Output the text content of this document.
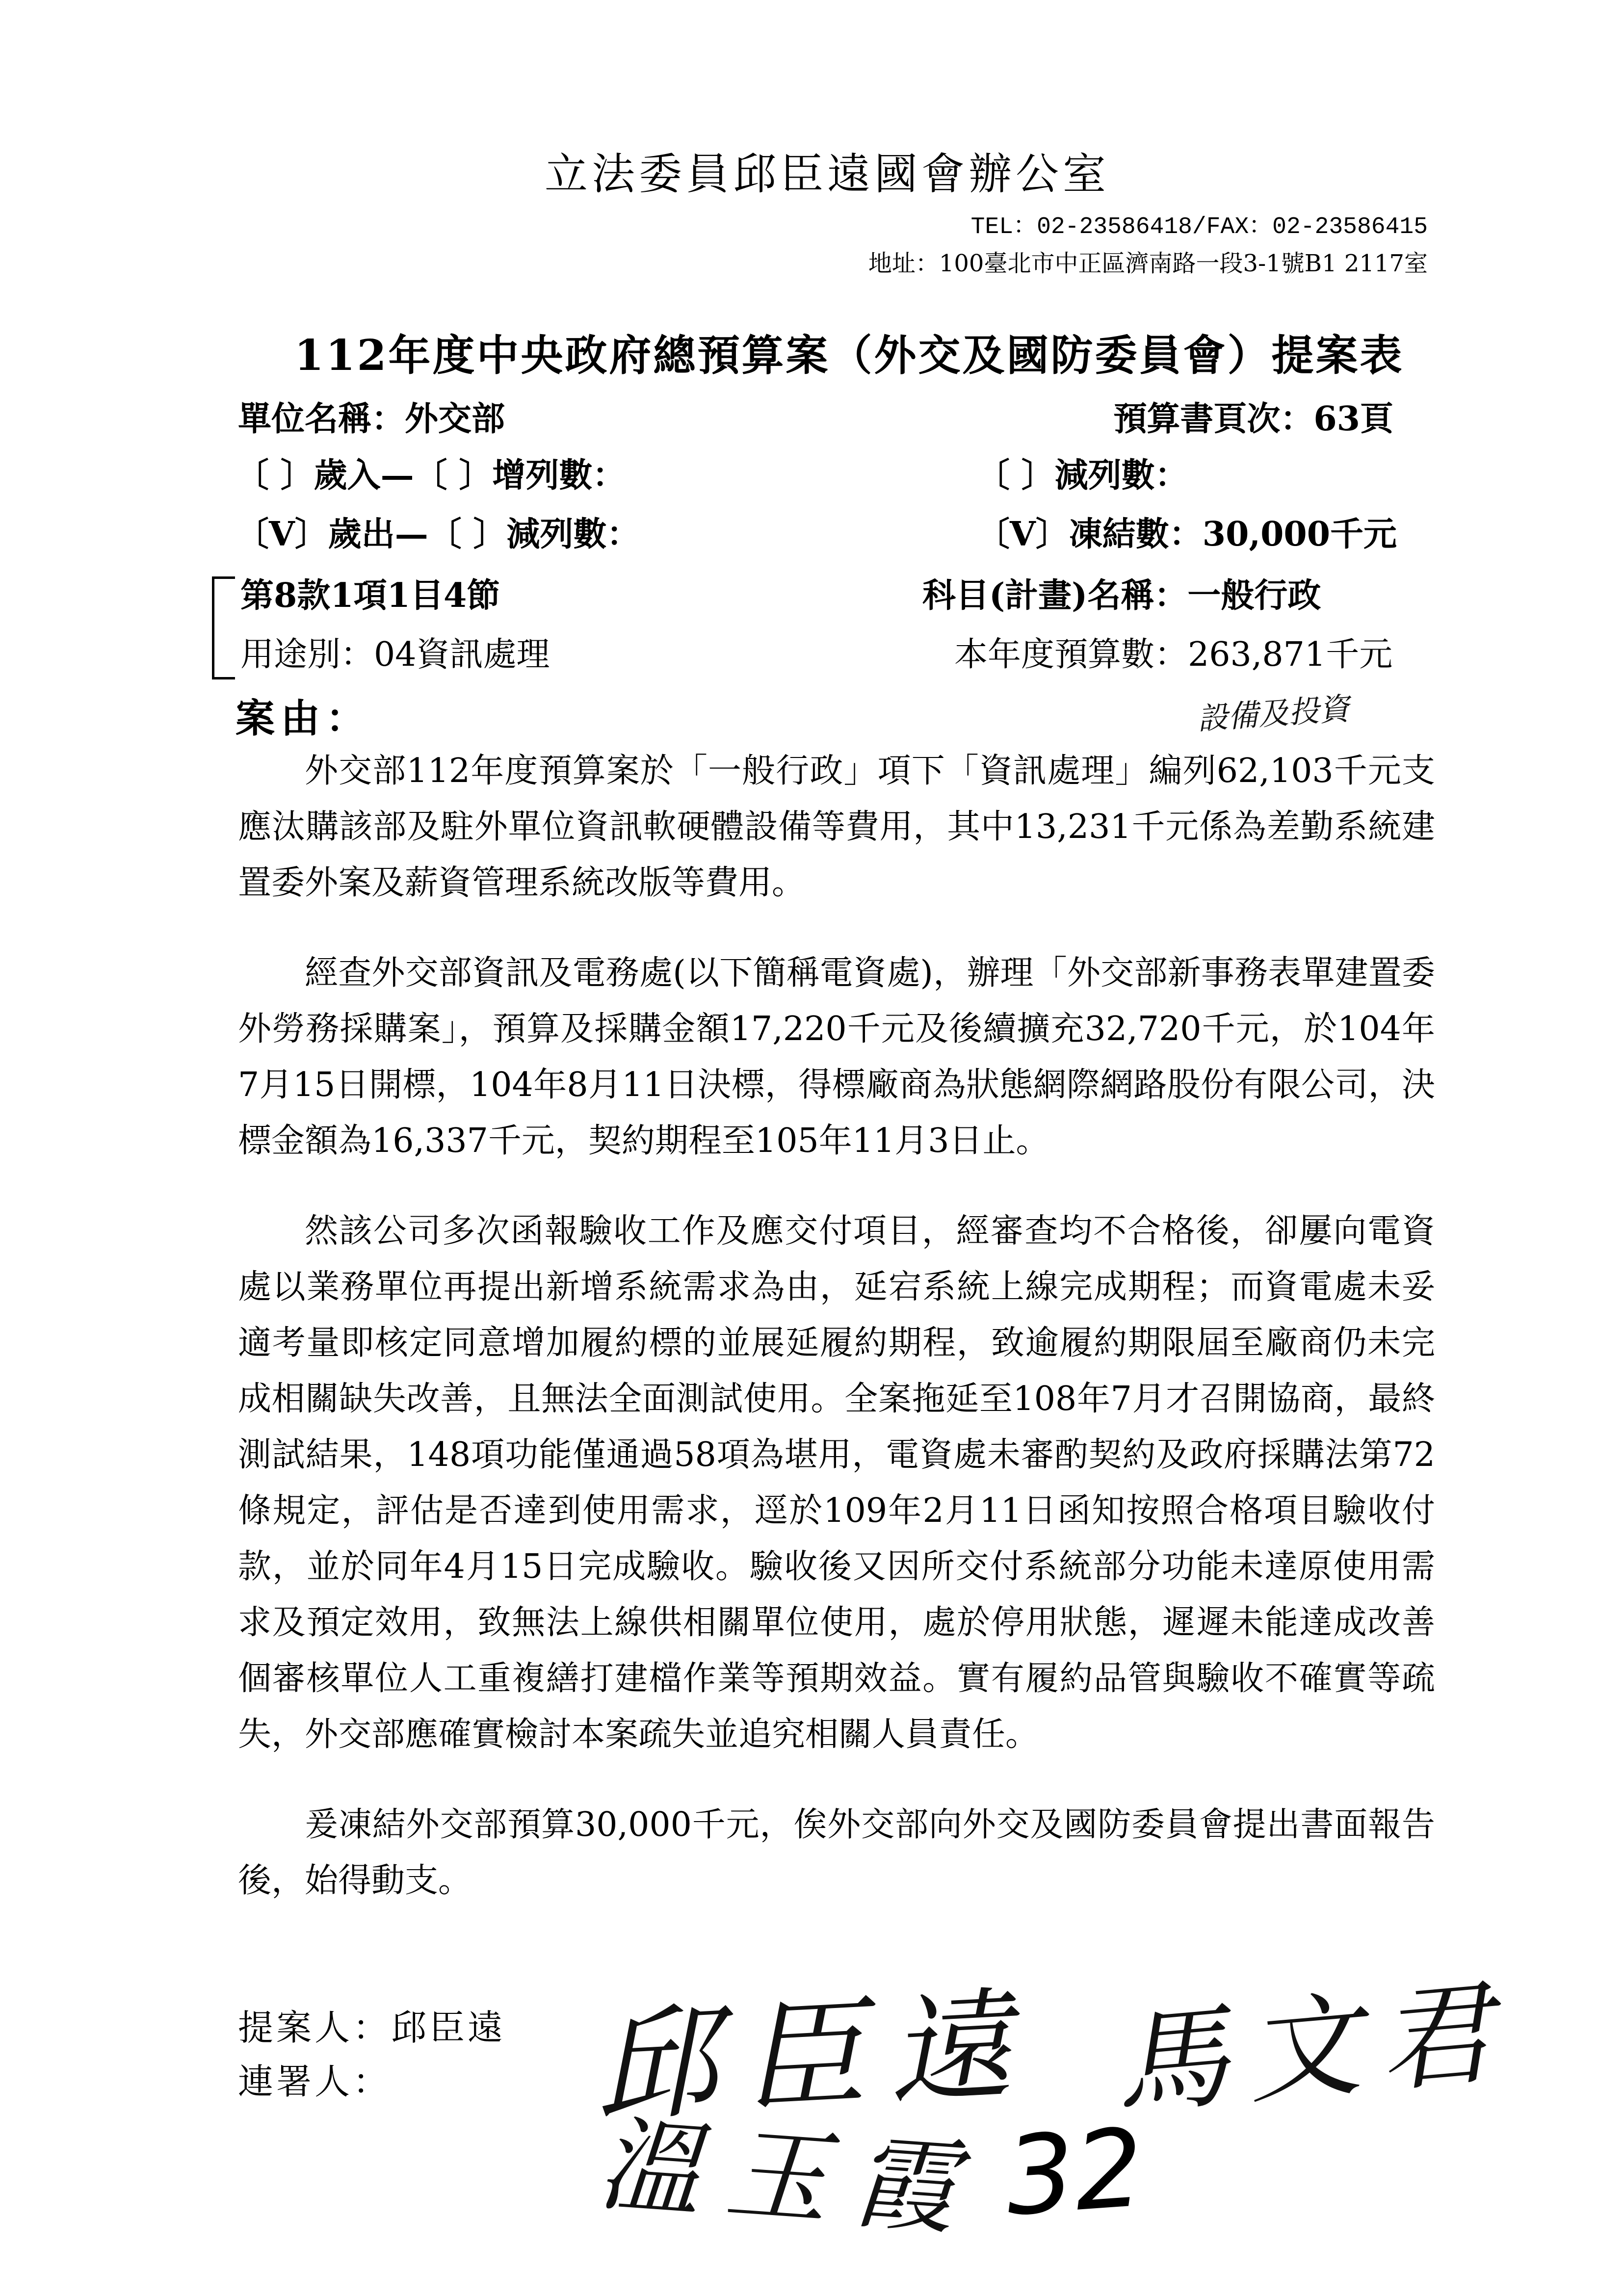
立法委員邱臣遠國會辦公室
TEL：02-23586418/FAX：02-23586415
地址：100臺北市中正區濟南路一段3-1號B1 2117室
112年度中央政府總預算案（外交及國防委員會）提案表
單位名稱：外交部	預算書頁次：63頁
〔 〕歲入—〔 〕增列數：	〔 〕減列數：
〔V〕歲出—〔 〕減列數：	〔V〕凍結數：30,000千元
第8款1項1目4節	科目(計畫)名稱：一般行政
用途別：04資訊處理	本年度預算數：263,871千元
設備及投資
案由：

外交部112年度預算案於「一般行政」項下「資訊處理」編列62,103千元支應汰購該部及駐外單位資訊軟硬體設備等費用，其中13,231千元係為差勤系統建置委外案及薪資管理系統改版等費用。

經查外交部資訊及電務處(以下簡稱電資處)，辦理「外交部新事務表單建置委外勞務採購案」，預算及採購金額17,220千元及後續擴充32,720千元，於104年7月15日開標，104年8月11日決標，得標廠商為狀態網際網路股份有限公司，決標金額為16,337千元，契約期程至105年11月3日止。

然該公司多次函報驗收工作及應交付項目，經審查均不合格後，卻屢向電資處以業務單位再提出新增系統需求為由，延宕系統上線完成期程；而資電處未妥適考量即核定同意增加履約標的並展延履約期程，致逾履約期限屆至廠商仍未完成相關缺失改善，且無法全面測試使用。全案拖延至108年7月才召開協商，最終測試結果，148項功能僅通過58項為堪用，電資處未審酌契約及政府採購法第72條規定，評估是否達到使用需求，逕於109年2月11日函知按照合格項目驗收付款，並於同年4月15日完成驗收。驗收後又因所交付系統部分功能未達原使用需求及預定效用，致無法上線供相關單位使用，處於停用狀態，遲遲未能達成改善個審核單位人工重複繕打建檔作業等預期效益。實有履約品管與驗收不確實等疏失，外交部應確實檢討本案疏失並追究相關人員責任。

爰凍結外交部預算30,000千元，俟外交部向外交及國防委員會提出書面報告後，始得動支。

提案人：邱臣遠
連署人： 邱臣遠 馬文君
溫玉霞 32
